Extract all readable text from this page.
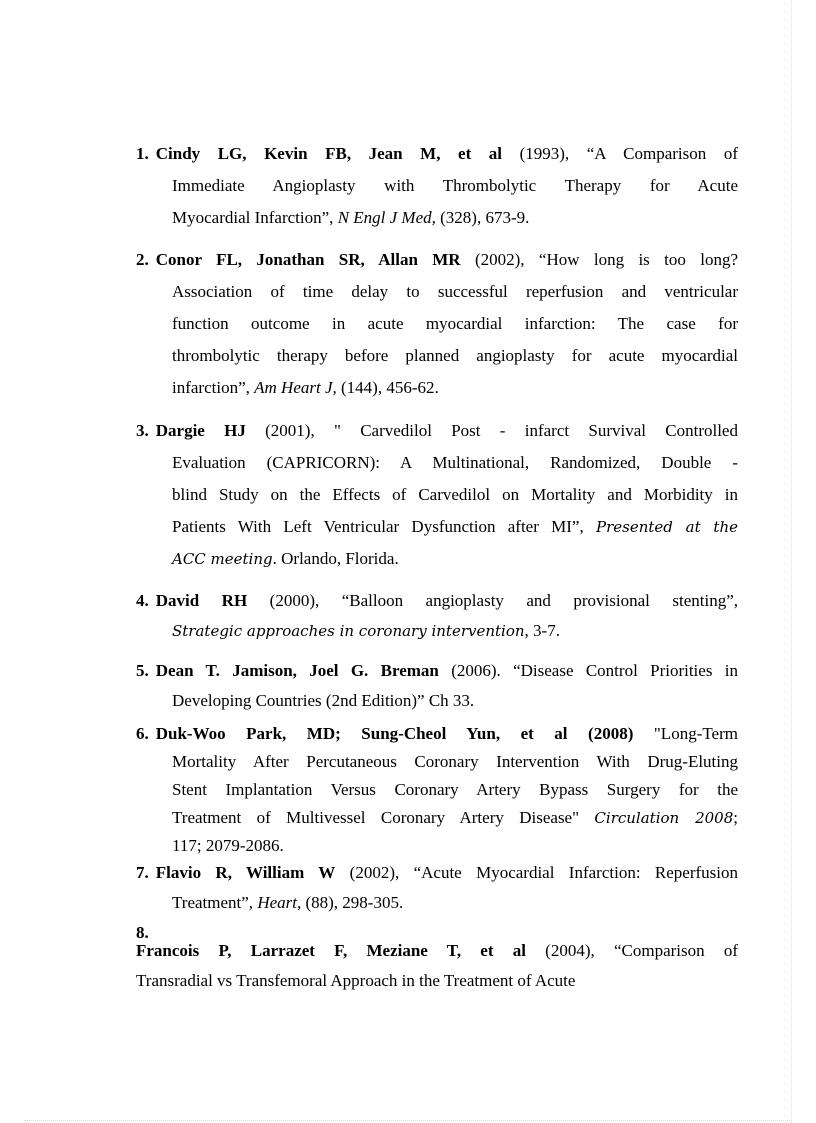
1. Cindy LG, Kevin FB, Jean M, et al (1993), “A Comparison of

Immediate Angioplasty with Thrombolytic Therapy for Acute

Myocardial Infarction”, N Engl J Med, (328), 673-9.

2. Conor FL, Jonathan SR, Allan MR (2002), “How long is too long?

Association of time delay to successful reperfusion and ventricular

function outcome in acute myocardial infarction: The case for

thrombolytic therapy before planned angioplasty for acute myocardial

infarction”, Am Heart J, (144), 456-62.

3. Dargie HJ (2001), " Carvedilol Post - infarct Survival Controlled

Evaluation (CAPRICORN): A Multinational, Randomized, Double -

blind Study on the Effects of Carvedilol on Mortality and Morbidity in

Patients With Left Ventricular Dysfunction after MI”, Presented at the

ACC meeting. Orlando, Florida.

4. David RH (2000), “Balloon angioplasty and provisional stenting”,

Strategic approaches in coronary intervention, 3-7.

5. Dean T. Jamison, Joel G. Breman (2006). “Disease Control Priorities in

Developing Countries (2nd Edition)” Ch 33.

6. Duk-Woo Park, MD; Sung-Cheol Yun, et al (2008) "Long-Term

Mortality After Percutaneous Coronary Intervention With Drug-Eluting

Stent Implantation Versus Coronary Artery Bypass Surgery for the

Treatment of Multivessel Coronary Artery Disease" Circulation 2008;

117; 2079-2086.

7. Flavio R, William W (2002), “Acute Myocardial Infarction: Reperfusion

Treatment”, Heart, (88), 298-305.

8.

Francois P, Larrazet F, Meziane T, et al (2004), “Comparison of

Transradial vs Transfemoral Approach in the Treatment of Acute
